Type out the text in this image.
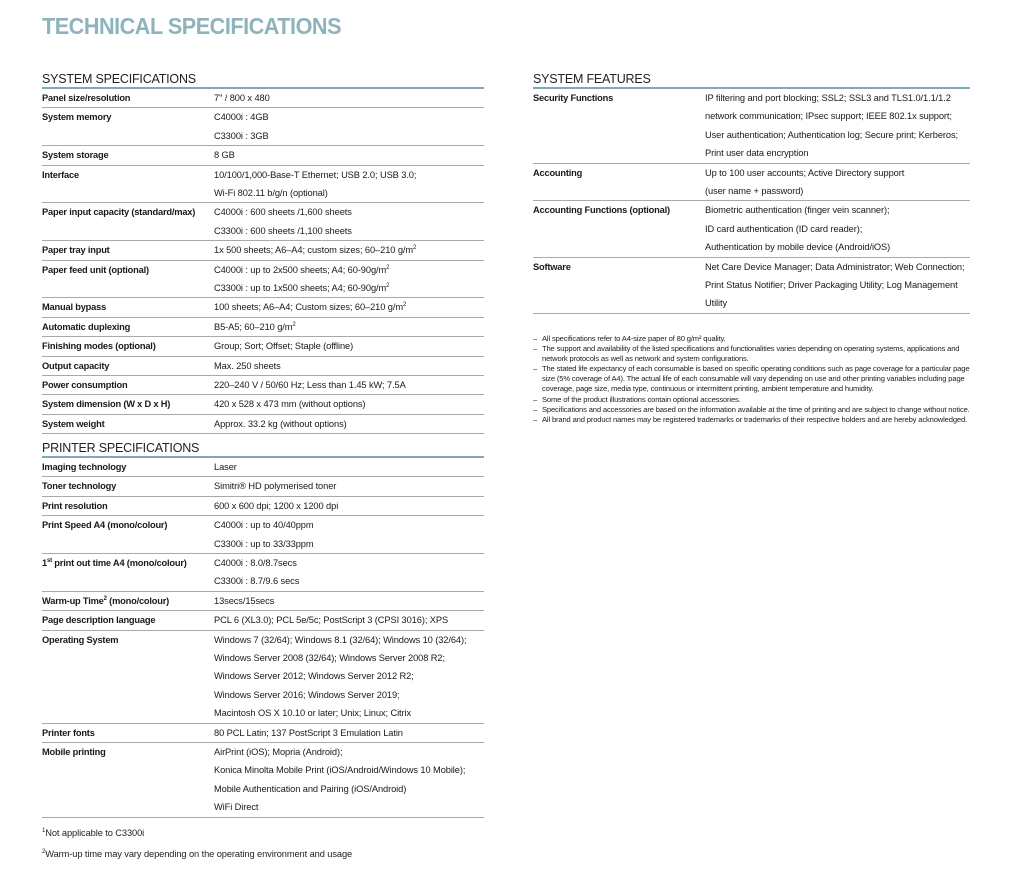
TECHNICAL SPECIFICATIONS
SYSTEM SPECIFICATIONS
Panel size/resolution	7" / 800 x 480

System memory	C4000i : 4GB
C3300i : 3GB

System storage	8 GB

Interface	10/100/1,000-Base-T Ethernet; USB 2.0; USB 3.0;
Wi-Fi 802.11 b/g/n (optional)

Paper input capacity (standard/max)	C4000i : 600 sheets /1,600 sheets
C3300i : 600 sheets /1,100 sheets

Paper tray input	1x 500 sheets; A6–A4; custom sizes; 60–210 $g/m^2$

Paper feed unit (optional)	C4000i : up to 2x500 sheets; A4; $60-90g/m^2$
C3300i : up to 1x500 sheets; A4; $60-90g/m^2$

Manual bypass	100 sheets; A6–A4; Custom sizes; 60–210 $g/m^2$

Automatic duplexing	B5-A5; 60–210 $g/m^2$

Finishing modes (optional)	Group; Sort; Offset; Staple (offline)

Output capacity	Max. 250 sheets

Power consumption	220–240 V / 50/60 Hz; Less than 1.45 kW; 7.5A

System dimension (W x D x H)	420 x 528 x 473 mm (without options)

System weight	Approx. 33.2 kg (without options)
PRINTER SPECIFICATIONS
Imaging technology	Laser

Toner technology	Simitri® HD polymerised toner

Print resolution	600 x 600 dpi; 1200 x 1200 dpi

Print Speed A4 (mono/colour)	C4000i : up to 40/40ppm
C3300i : up to 33/33ppm

1st print out time A4 (mono/colour)	C4000i : 8.0/8.7secs
C3300i : 8.7/9.6 secs

Warm-up Time$^2$ (mono/colour)	13secs/15secs

Page description language	PCL 6 (XL3.0); PCL 5e/5c; PostScript 3 (CPSI 3016); XPS

Operating System	Windows 7 (32/64); Windows 8.1 (32/64); Windows 10 (32/64);
Windows Server 2008 (32/64); Windows Server 2008 R2;
Windows Server 2012; Windows Server 2012 R2;
Windows Server 2016; Windows Server 2019;
Macintosh OS X 10.10 or later; Unix; Linux; Citrix

Printer fonts	80 PCL Latin; 137 PostScript 3 Emulation Latin

Mobile printing	AirPrint (iOS); Mopria (Android);
Konica Minolta Mobile Print (iOS/Android/Windows 10 Mobile);
Mobile Authentication and Pairing (iOS/Android)
WiFi Direct
SYSTEM FEATURES
Security Functions	IP filtering and port blocking; SSL2; SSL3 and TLS1.0/1.1/1.2
network communication; IPsec support; IEEE 802.1x support;
User authentication; Authentication log; Secure print; Kerberos;
Print user data encryption

Accounting	Up to 100 user accounts; Active Directory support
(user name + password)

Accounting Functions (optional)	Biometric authentication (finger vein scanner);
ID card authentication (ID card reader);
Authentication by mobile device (Android/iOS)

Software	Net Care Device Manager; Data Administrator; Web Connection;
Print Status Notifier; Driver Packaging Utility; Log Management
Utility
– All specifications refer to A4-size paper of 80 g/m² quality.
– The support and availability of the listed specifications and functionalities varies depending on operating systems, applications and network protocols as well as network and system configurations.
– The stated life expectancy of each consumable is based on specific operating conditions such as page coverage for a particular page size (5% coverage of A4). The actual life of each consumable will vary depending on use and other printing variables including page coverage, page size, media type, continuous or intermittent printing, ambient temperature and humidity.
– Some of the product illustrations contain optional accessories.
– Specifications and accessories are based on the information available at the time of printing and are subject to change without notice.
– All brand and product names may be registered trademarks or trademarks of their respective holders and are hereby acknowledged.
$^1$Not applicable to C3300i
$^2$Warm-up time may vary depending on the operating environment and usage
